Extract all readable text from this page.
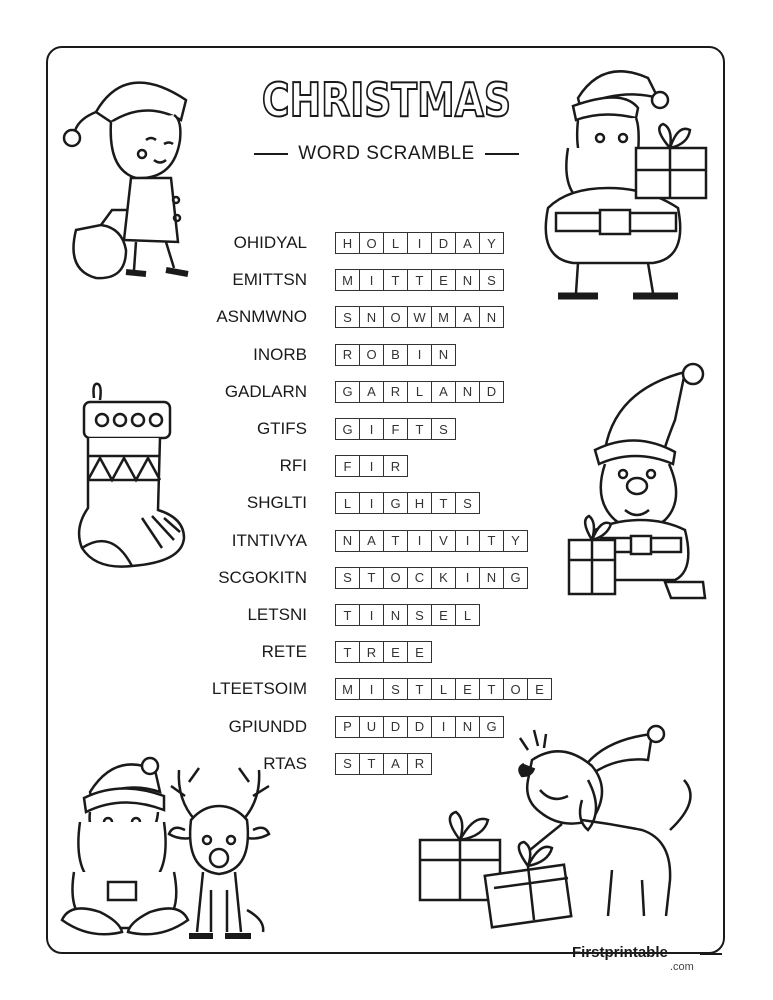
CHRISTMAS
WORD SCRAMBLE
OHIDYAL	H	O	L	I	D	A	Y
EMITTSN	M	I	T	T	E	N	S
ASNMWNO	S	N	O W M	A	N
INORB	R	O	B	I	N
GADLARN	G	A	R	L	A	N	D
GTIFS	G	I	F	T	S
RFI	F	I	R
SHGLTI	L	I	G	H	T	S
ITNTIVYA	N	A	T	I	V	I	T	Y
SCGOKITN	S	T	O	C	K	I	N	G
LETSNI	T	I	N	S	E	L
RETE	T	R	E	E
LTEETSOIM	M	I	S	T	L	E	T	O	E
GPIUNDD	P	U	D	D	I	N	G
RTAS	S	T	A	R
Firstprintable
.com
